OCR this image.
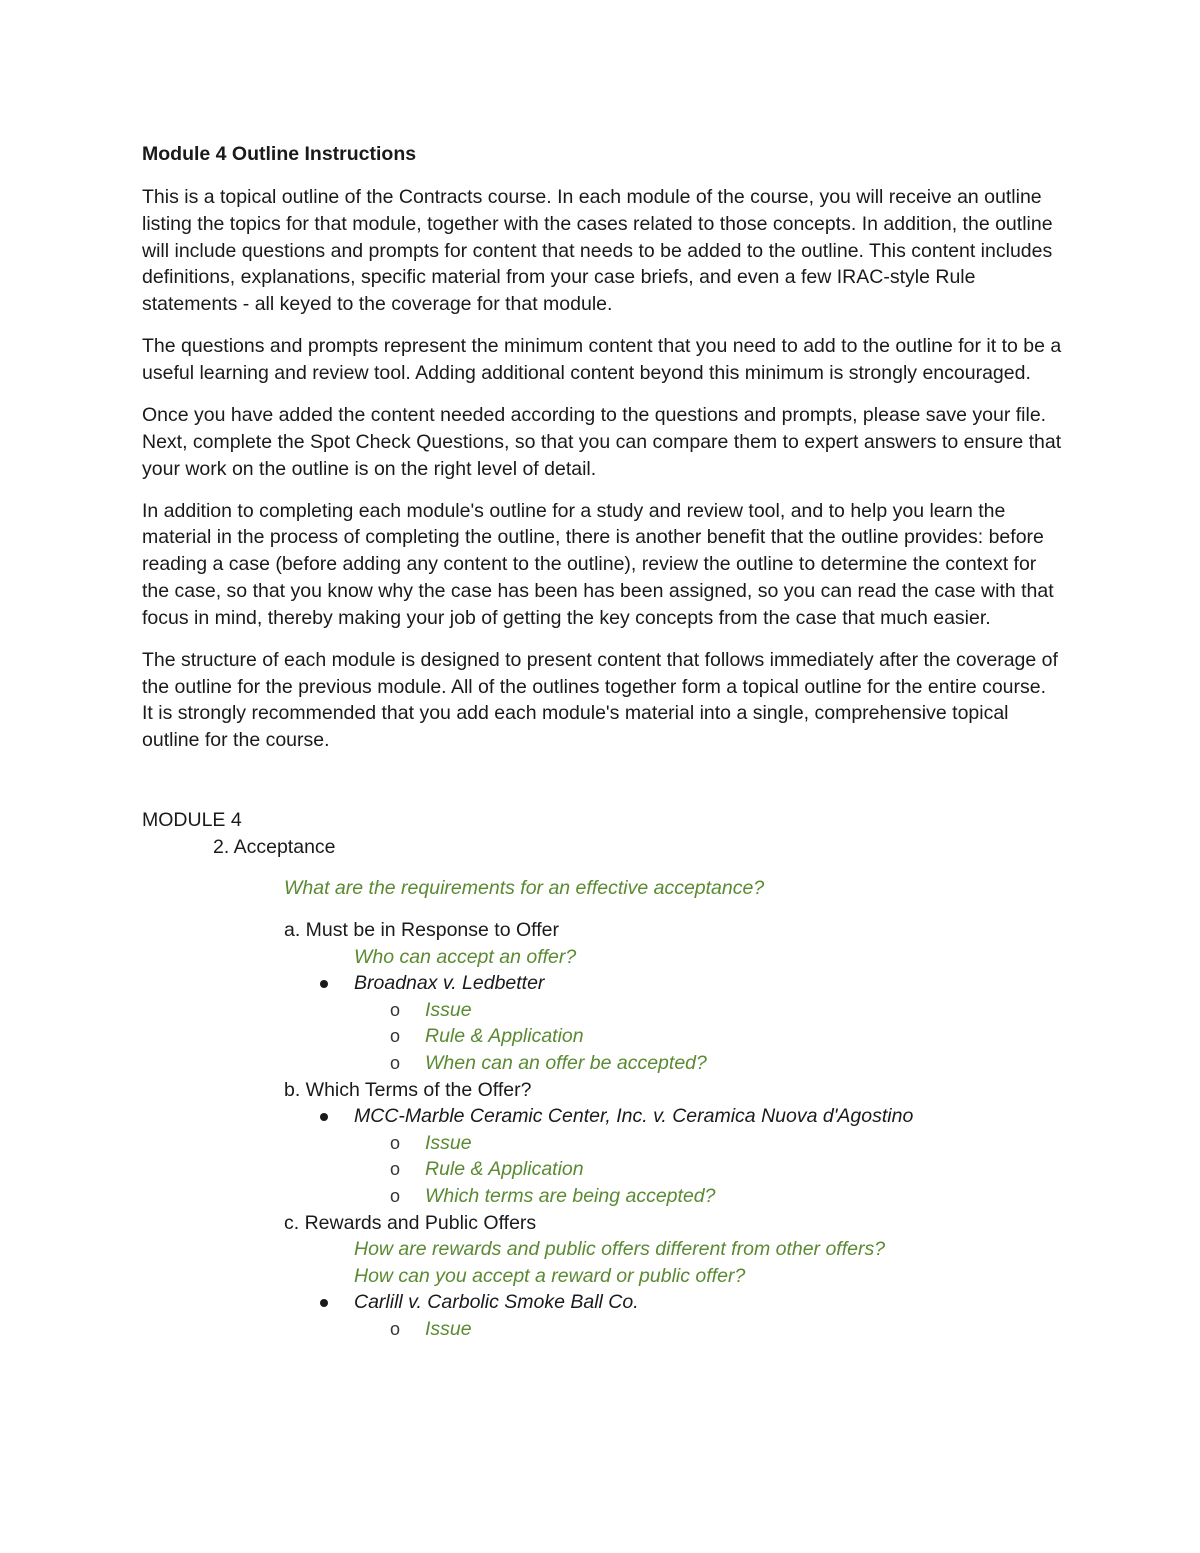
Module 4 Outline Instructions

This is a topical outline of the Contracts course. In each module of the course, you will receive an outline listing the topics for that module, together with the cases related to those concepts. In addition, the outline will include questions and prompts for content that needs to be added to the outline. This content includes definitions, explanations, specific material from your case briefs, and even a few IRAC-style Rule statements - all keyed to the coverage for that module.

The questions and prompts represent the minimum content that you need to add to the outline for it to be a useful learning and review tool. Adding additional content beyond this minimum is strongly encouraged.

Once you have added the content needed according to the questions and prompts, please save your file. Next, complete the Spot Check Questions, so that you can compare them to expert answers to ensure that your work on the outline is on the right level of detail.

In addition to completing each module's outline for a study and review tool, and to help you learn the material in the process of completing the outline, there is another benefit that the outline provides: before reading a case (before adding any content to the outline), review the outline to determine the context for the case, so that you know why the case has been has been assigned, so you can read the case with that focus in mind, thereby making your job of getting the key concepts from the case that much easier.

The structure of each module is designed to present content that follows immediately after the coverage of the outline for the previous module. All of the outlines together form a topical outline for the entire course. It is strongly recommended that you add each module's material into a single, comprehensive topical outline for the course.

MODULE 4
2. Acceptance
What are the requirements for an effective acceptance?
a. Must be in Response to Offer
Who can accept an offer?
Broadnax v. Ledbetter
o Issue
o Rule & Application
o When can an offer be accepted?
b. Which Terms of the Offer?
MCC-Marble Ceramic Center, Inc. v. Ceramica Nuova d'Agostino
o Issue
o Rule & Application
o Which terms are being accepted?
c. Rewards and Public Offers
How are rewards and public offers different from other offers?
How can you accept a reward or public offer?
Carlill v. Carbolic Smoke Ball Co.
o Issue
